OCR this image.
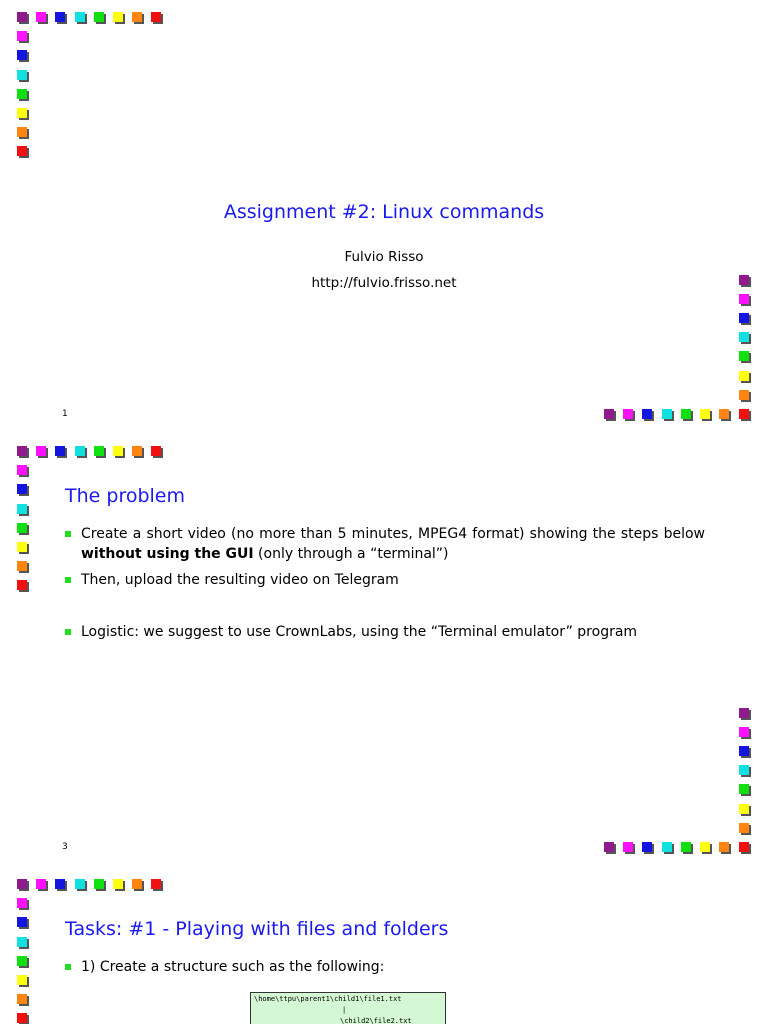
Assignment #2: Linux commands
Fulvio Risso
http://fulvio.frisso.net
1
The problem
Create a short video (no more than 5 minutes, MPEG4 format) showing the steps below without using the GUI (only through a “terminal”)
Then, upload the resulting video on Telegram
Logistic: we suggest to use CrownLabs, using the “Terminal emulator” program
3
Tasks: #1 - Playing with files and folders
1) Create a structure such as the following:
\home\ttpu\parent1\child1\file1.txt
|
\child2\file2.txt
